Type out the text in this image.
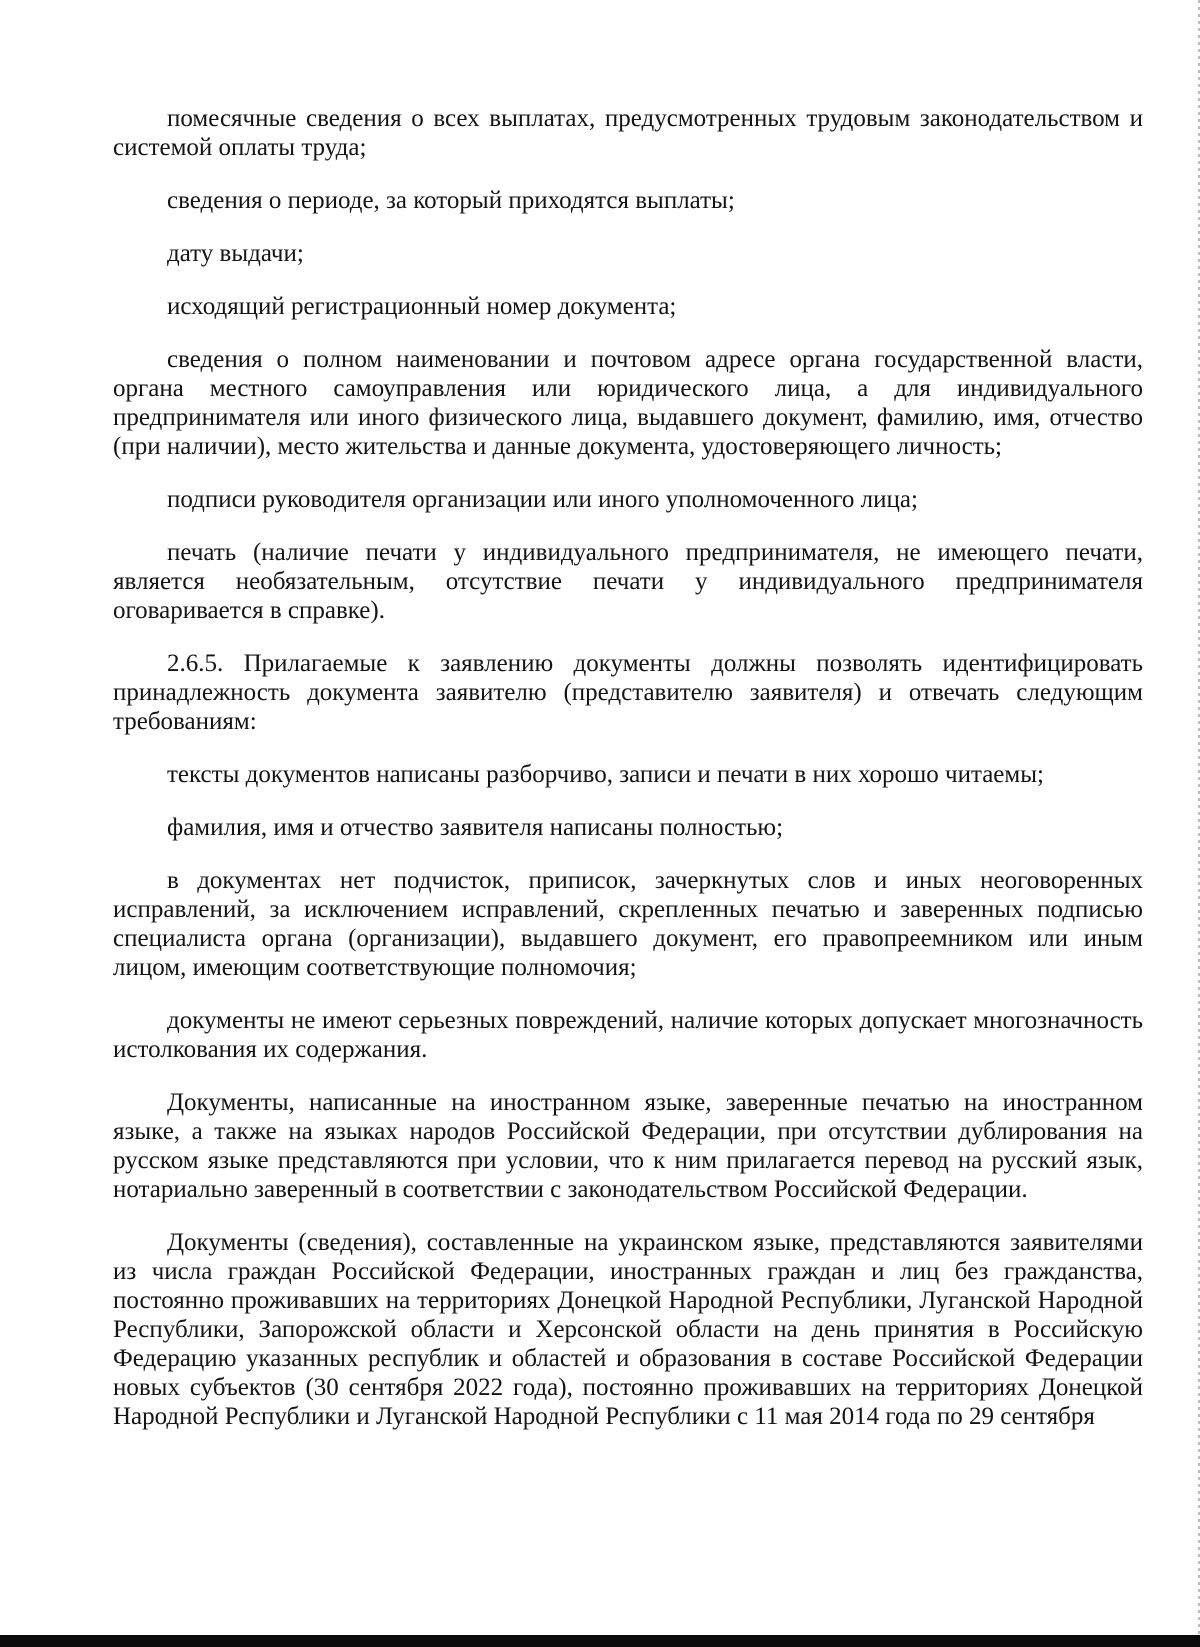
помесячные сведения о всех выплатах, предусмотренных трудовым законодательством и системой оплаты труда;

сведения о периоде, за который приходятся выплаты;

дату выдачи;

исходящий регистрационный номер документа;

сведения о полном наименовании и почтовом адресе органа государственной власти, органа местного самоуправления или юридического лица, а для индивидуального предпринимателя или иного физического лица, выдавшего документ, фамилию, имя, отчество (при наличии), место жительства и данные документа, удостоверяющего личность;

подписи руководителя организации или иного уполномоченного лица;

печать (наличие печати у индивидуального предпринимателя, не имеющего печати, является необязательным, отсутствие печати у индивидуального предпринимателя оговаривается в справке).

2.6.5. Прилагаемые к заявлению документы должны позволять идентифицировать принадлежность документа заявителю (представителю заявителя) и отвечать следующим требованиям:

тексты документов написаны разборчиво, записи и печати в них хорошо читаемы;

фамилия, имя и отчество заявителя написаны полностью;

в документах нет подчисток, приписок, зачеркнутых слов и иных неоговоренных исправлений, за исключением исправлений, скрепленных печатью и заверенных подписью специалиста органа (организации), выдавшего документ, его правопреемником или иным лицом, имеющим соответствующие полномочия;

документы не имеют серьезных повреждений, наличие которых допускает многозначность истолкования их содержания.

Документы, написанные на иностранном языке, заверенные печатью на иностранном языке, а также на языках народов Российской Федерации, при отсутствии дублирования на русском языке представляются при условии, что к ним прилагается перевод на русский язык, нотариально заверенный в соответствии с законодательством Российской Федерации.

Документы (сведения), составленные на украинском языке, представляются заявителями из числа граждан Российской Федерации, иностранных граждан и лиц без гражданства, постоянно проживавших на территориях Донецкой Народной Республики, Луганской Народной Республики, Запорожской области и Херсонской области на день принятия в Российскую Федерацию указанных республик и областей и образования в составе Российской Федерации новых субъектов (30 сентября 2022 года), постоянно проживавших на территориях Донецкой Народной Республики и Луганской Народной Республики с 11 мая 2014 года по 29 сентября
